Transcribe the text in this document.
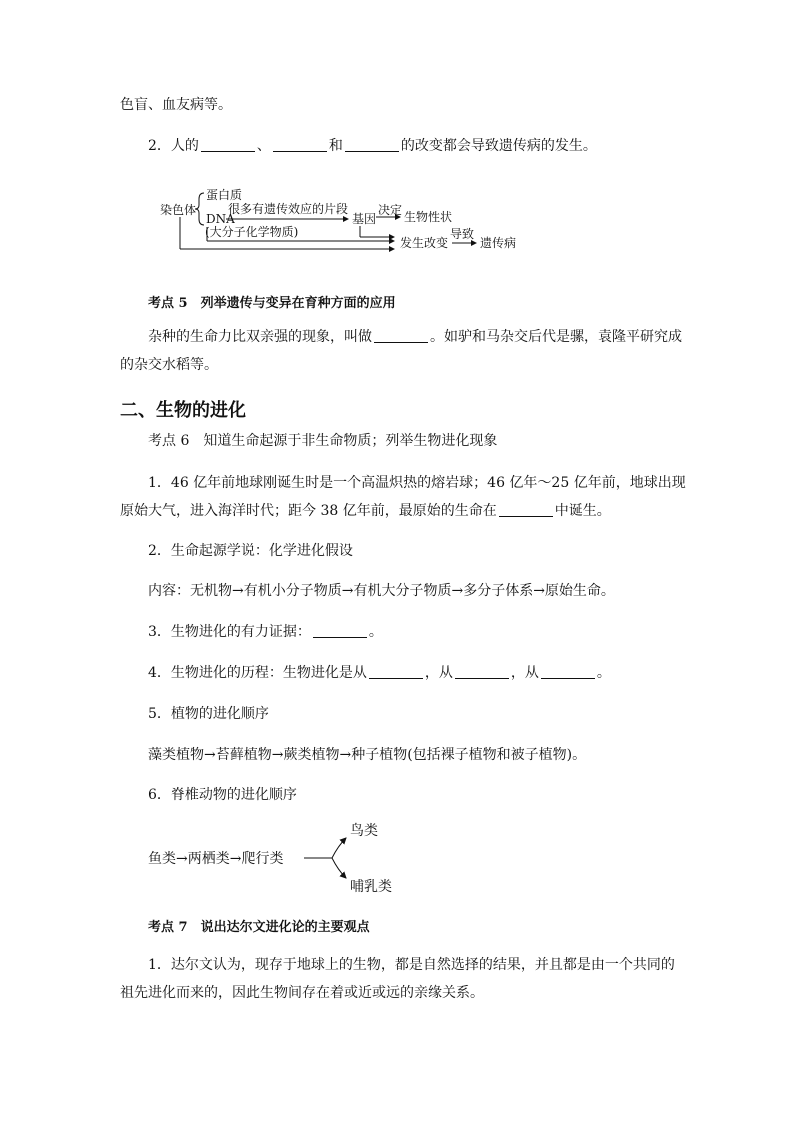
色盲、血友病等。
2．人的	、	和	的改变都会导致遗传病的发生。
染色体
蛋白质
DNA
很多有遗传效应的片段
(大分子化学物质)
基因
决定 生物性状
发生改变
导致
遗传病
考点 5　列举遗传与变异在育种方面的应用
杂种的生命力比双亲强的现象，叫做	。如驴和马杂交后代是骡，袁隆平研究成
的杂交水稻等。
二、生物的进化
考点 6　知道生命起源于非生命物质；列举生物进化现象
1．46 亿年前地球刚诞生时是一个高温炽热的熔岩球；46 亿年～25 亿年前，地球出现
原始大气，进入海洋时代；距今 38 亿年前，最原始的生命在	中诞生。
2．生命起源学说：化学进化假设
内容：无机物→有机小分子物质→有机大分子物质→多分子体系→原始生命。
3．生物进化的有力证据：	。
4．生物进化的历程：生物进化是从	，从	，从	。
5．植物的进化顺序
藻类植物→苔藓植物→蕨类植物→种子植物(包括裸子植物和被子植物)。
6．脊椎动物的进化顺序
鱼类→两栖类→爬行类
鸟类
哺乳类
考点 7　说出达尔文进化论的主要观点
1．达尔文认为，现存于地球上的生物，都是自然选择的结果，并且都是由一个共同的
祖先进化而来的，因此生物间存在着或近或远的亲缘关系。
